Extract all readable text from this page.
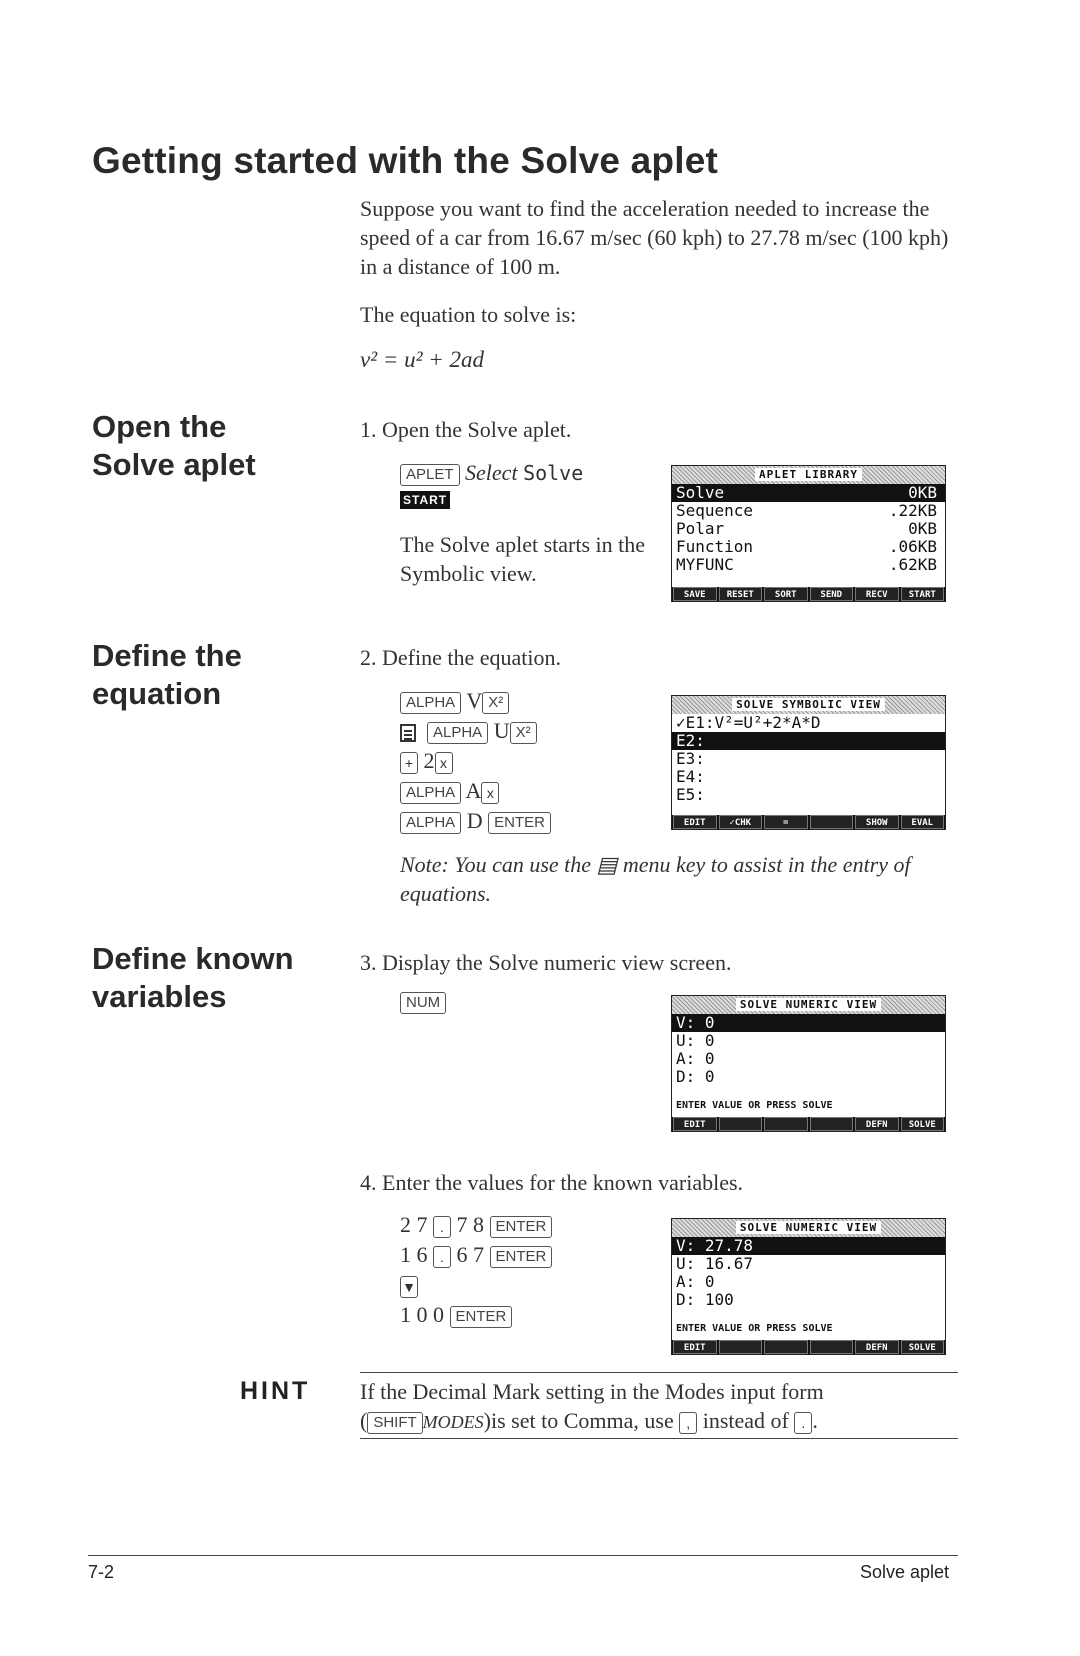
Getting started with the Solve aplet
Suppose you want to find the acceleration needed to increase the speed of a car from 16.67 m/sec (60 kph) to 27.78 m/sec (100 kph) in a distance of 100 m.
The equation to solve is:
v² = u² + 2ad
Open the
Solve aplet
1. Open the Solve aplet.
APLET Select Solve
START
The Solve aplet starts in the Symbolic view.
APLET LIBRARY
Solve	0KB
Sequence	.22KB
Polar	0KB
Function	.06KB
MYFUNC	.62KB
SAVE	RESET	SORT	SEND	RECV	START
Define the
equation
2. Define the equation.
ALPHA V X²
ALPHA U X²
+ 2 x
ALPHA A x
ALPHA D ENTER
SOLVE SYMBOLIC VIEW
✓E1:V²=U²+2*A*D
E2:
E3:
E4:
E5:
EDIT	✓CHK	=	SHOW	EVAL
Note: You can use the ▤ menu key to assist in the entry of equations.
Define known
variables
3. Display the Solve numeric view screen.
NUM	SOLVE NUMERIC VIEW
V: 0
U: 0
A: 0
D: 0
ENTER VALUE OR PRESS SOLVE
EDIT	DEFN	SOLVE
4. Enter the values for the known variables.
2 7 . 7 8 ENTER
1 6 . 6 7 ENTER
▼
1 0 0 ENTER
SOLVE NUMERIC VIEW
V: 27.78
U: 16.67
A: 0
D: 100
ENTER VALUE OR PRESS SOLVE
EDIT	DEFN	SOLVE
HINT If the Decimal Mark setting in the Modes input form
( SHIFT MODES)is set to Comma, use , instead of . .
7-2	Solve aplet
